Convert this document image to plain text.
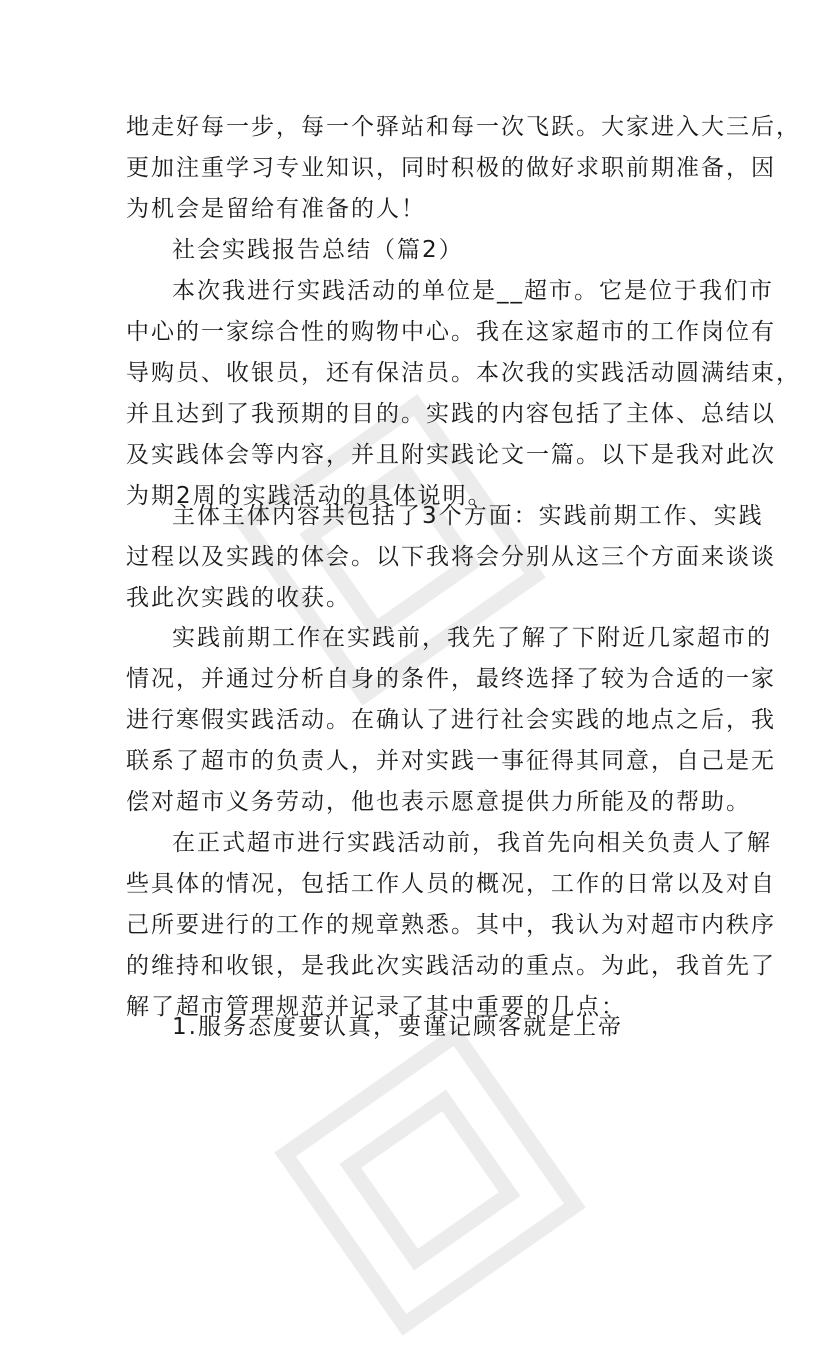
地走好每一步，每一个驿站和每一次飞跃。大家进入大三后，
更加注重学习专业知识，同时积极的做好求职前期准备，因
为机会是留给有准备的人！
社会实践报告总结（篇2）
本次我进行实践活动的单位是__超市。它是位于我们市
中心的一家综合性的购物中心。我在这家超市的工作岗位有
导购员、收银员，还有保洁员。本次我的实践活动圆满结束，
并且达到了我预期的目的。实践的内容包括了主体、总结以
及实践体会等内容，并且附实践论文一篇。以下是我对此次
为期2周的实践活动的具体说明。
主体主体内容共包括了3个方面：实践前期工作、实践
过程以及实践的体会。以下我将会分别从这三个方面来谈谈
我此次实践的收获。
实践前期工作在实践前，我先了解了下附近几家超市的
情况，并通过分析自身的条件，最终选择了较为合适的一家
进行寒假实践活动。在确认了进行社会实践的地点之后，我
联系了超市的负责人，并对实践一事征得其同意，自己是无
偿对超市义务劳动，他也表示愿意提供力所能及的帮助。
在正式超市进行实践活动前，我首先向相关负责人了解
些具体的情况，包括工作人员的概况，工作的日常以及对自
己所要进行的工作的规章熟悉。其中，我认为对超市内秩序
的维持和收银，是我此次实践活动的重点。为此，我首先了
解了超市管理规范并记录了其中重要的几点：
1.服务态度要认真，要谨记顾客就是上帝
